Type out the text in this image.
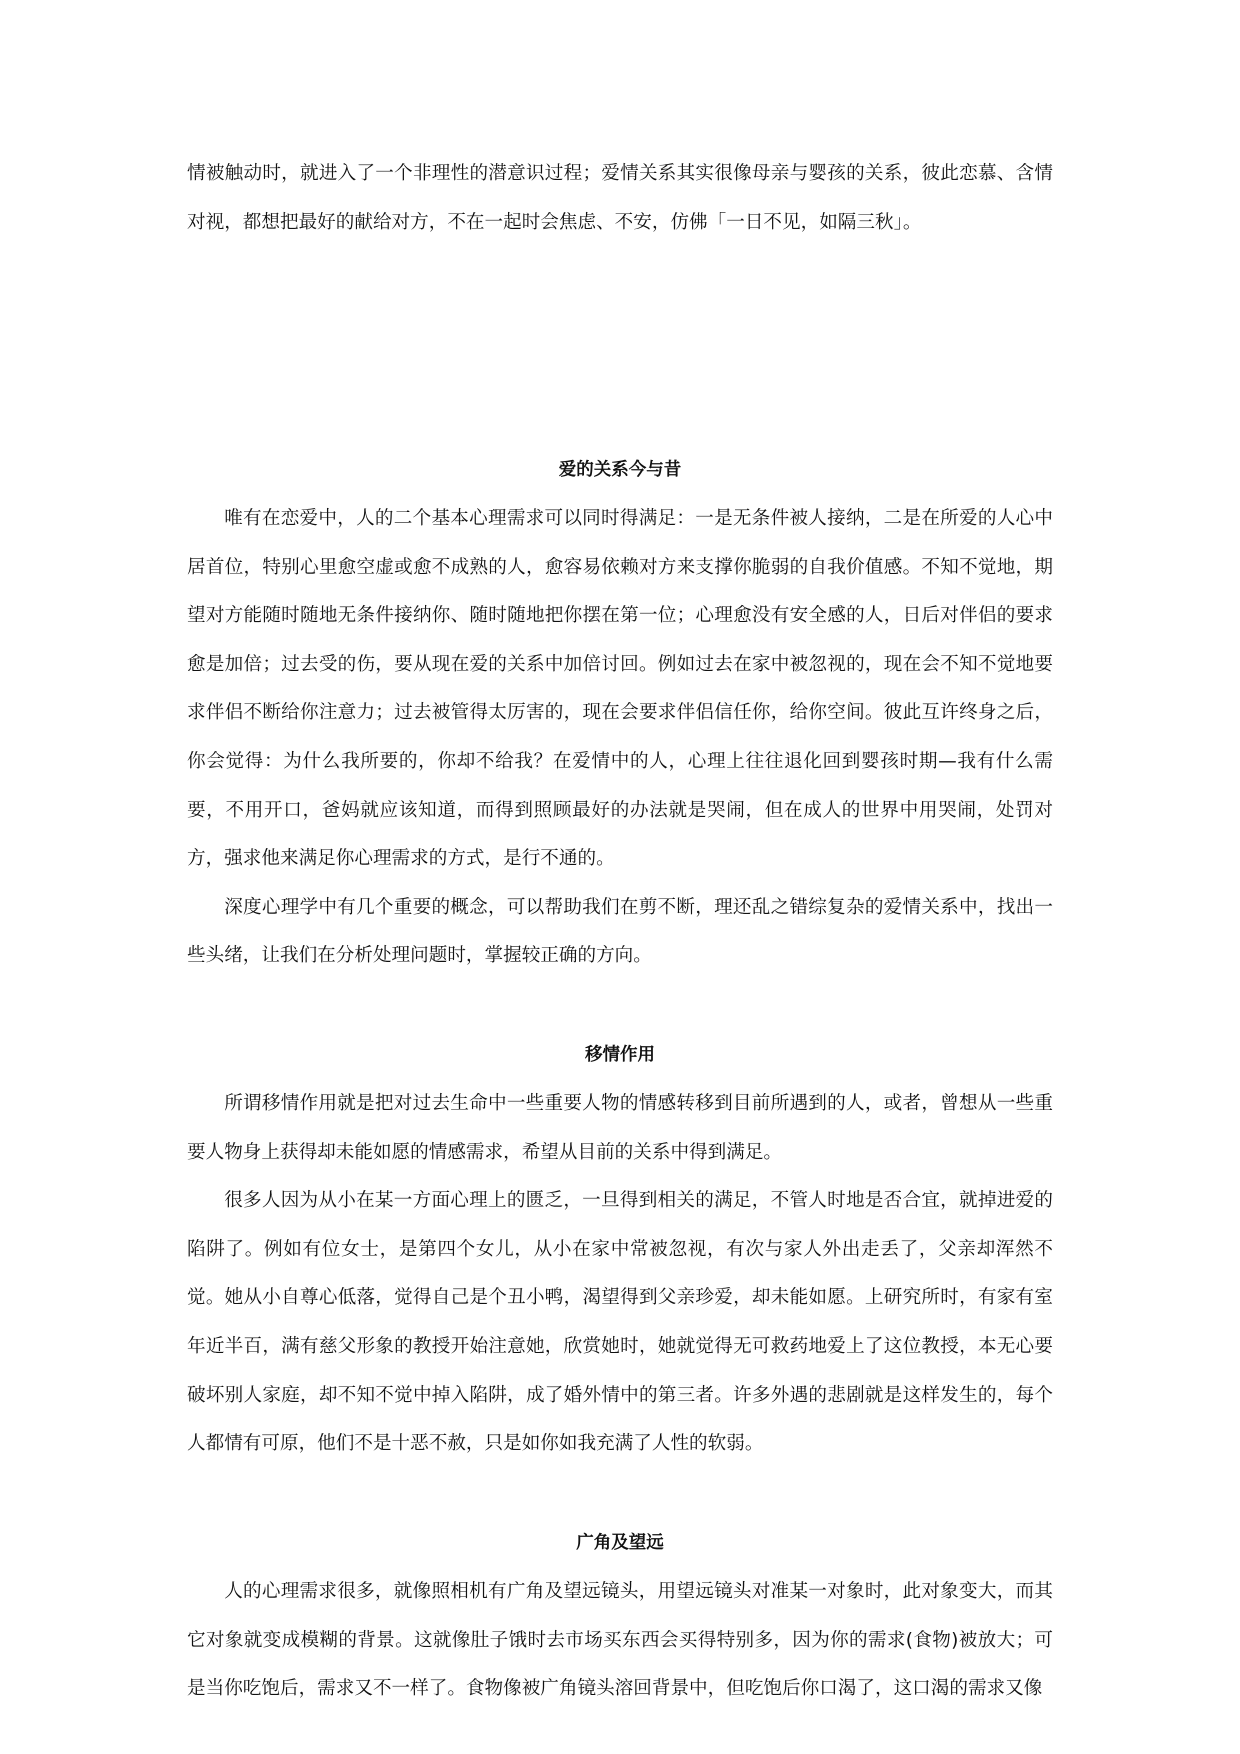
情被触动时，就进入了一个非理性的潜意识过程；爱情关系其实很像母亲与婴孩的关系，彼此恋慕、含情对视，都想把最好的献给对方，不在一起时会焦虑、不安，仿佛「一日不见，如隔三秋」。

爱的关系今与昔

唯有在恋爱中，人的二个基本心理需求可以同时得满足：一是无条件被人接纳，二是在所爱的人心中居首位，特别心里愈空虚或愈不成熟的人，愈容易依赖对方来支撑你脆弱的自我价值感。不知不觉地，期望对方能随时随地无条件接纳你、随时随地把你摆在第一位；心理愈没有安全感的人，日后对伴侣的要求愈是加倍；过去受的伤，要从现在爱的关系中加倍讨回。例如过去在家中被忽视的，现在会不知不觉地要求伴侣不断给你注意力；过去被管得太厉害的，现在会要求伴侣信任你，给你空间。彼此互许终身之后，你会觉得：为什么我所要的，你却不给我？在爱情中的人，心理上往往退化回到婴孩时期—我有什么需要，不用开口，爸妈就应该知道，而得到照顾最好的办法就是哭闹，但在成人的世界中用哭闹，处罚对方，强求他来满足你心理需求的方式，是行不通的。

深度心理学中有几个重要的概念，可以帮助我们在剪不断，理还乱之错综复杂的爱情关系中，找出一些头绪，让我们在分析处理问题时，掌握较正确的方向。

移情作用

所谓移情作用就是把对过去生命中一些重要人物的情感转移到目前所遇到的人，或者，曾想从一些重要人物身上获得却未能如愿的情感需求，希望从目前的关系中得到满足。

很多人因为从小在某一方面心理上的匮乏，一旦得到相关的满足，不管人时地是否合宜，就掉进爱的陷阱了。例如有位女士，是第四个女儿，从小在家中常被忽视，有次与家人外出走丢了，父亲却浑然不觉。她从小自尊心低落，觉得自己是个丑小鸭，渴望得到父亲珍爱，却未能如愿。上研究所时，有家有室年近半百，满有慈父形象的教授开始注意她，欣赏她时，她就觉得无可救药地爱上了这位教授，本无心要破坏别人家庭，却不知不觉中掉入陷阱，成了婚外情中的第三者。许多外遇的悲剧就是这样发生的，每个人都情有可原，他们不是十恶不赦，只是如你如我充满了人性的软弱。

广角及望远

人的心理需求很多，就像照相机有广角及望远镜头，用望远镜头对准某一对象时，此对象变大，而其它对象就变成模糊的背景。这就像肚子饿时去市场买东西会买得特别多，因为你的需求(食物)被放大；可是当你吃饱后，需求又不一样了。食物像被广角镜头溶回背景中，但吃饱后你口渴了，这口渴的需求又像
